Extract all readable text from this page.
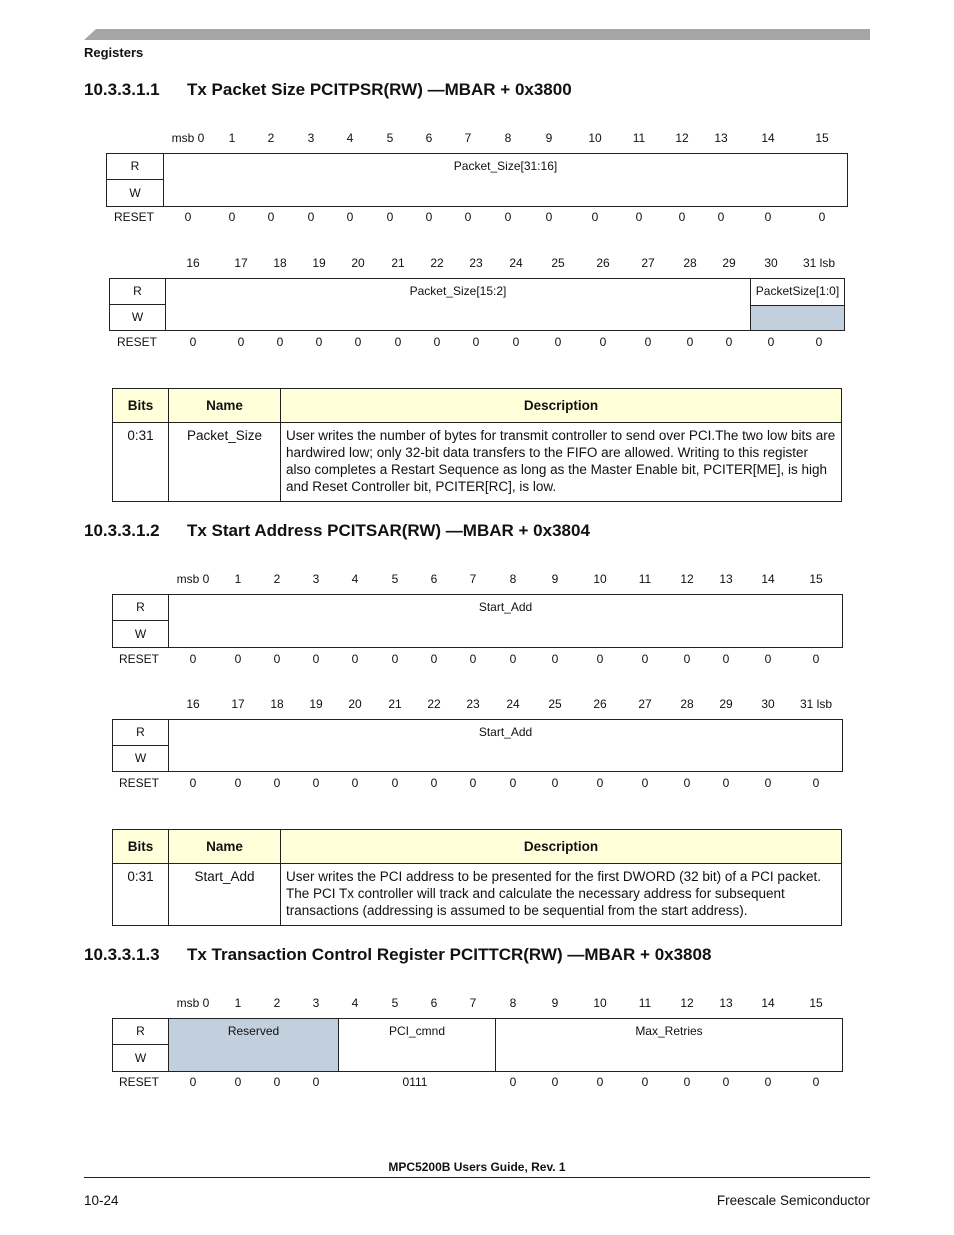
Registers
10.3.3.1.1 Tx Packet Size PCITPSR(RW) —MBAR + 0x3800
msb 0 1	2	3	4	5	6	7	8	9	10	11	12 13	14	15
R
W
Packet_Size[31:16]
RESET	0	0	0	0	0	0	0	0	0	0	0	0	0	0	0	0
16	17 18 19 20 21 22 23 24 25	26	27 28 29 30 31 lsb
R
W
Packet_Size[15:2]	PacketSize[1:0]
RESET	0	0	0	0	0	0	0	0	0	0	0	0	0	0	0	0
Bits	Name	Description
0:31	Packet_Size	User writes the number of bytes for transmit controller to send over PCI.The two low bits are hardwired low; only 32-bit data transfers to the FIFO are allowed. Writing to this register also completes a Restart Sequence as long as the Master Enable bit, PCITER[ME], is high and Reset Controller bit, PCITER[RC], is low.
10.3.3.1.2 Tx Start Address PCITSAR(RW) —MBAR + 0x3804
msb 0 1	2	3	4	5	6	7	8	9	10	11 12 13 14	15
R
W
Start_Add
RESET	0	0	0	0	0	0	0	0	0	0	0	0	0	0	0	0
16	17 18 19 20 21 22 23 24 25	26	27 28 29 30 31 lsb
R
W
Start_Add
RESET	0	0	0	0	0	0	0	0	0	0	0	0	0	0	0	0
Bits	Name	Description
0:31	Start_Add	User writes the PCI address to be presented for the first DWORD (32 bit) of a PCI packet. The PCI Tx controller will track and calculate the necessary address for subsequent transactions (addressing is assumed to be sequential from the start address).
10.3.3.1.3 Tx Transaction Control Register PCITTCR(RW) —MBAR + 0x3808
msb 0 1	2	3	4	5	6	7	8	9	10	11 12 13 14	15
R
W
Reserved	PCI_cmnd	Max_Retries
RESET	0	0	0	0	0111	0	0	0	0	0	0	0	0
MPC5200B Users Guide, Rev. 1
10-24	Freescale Semiconductor
